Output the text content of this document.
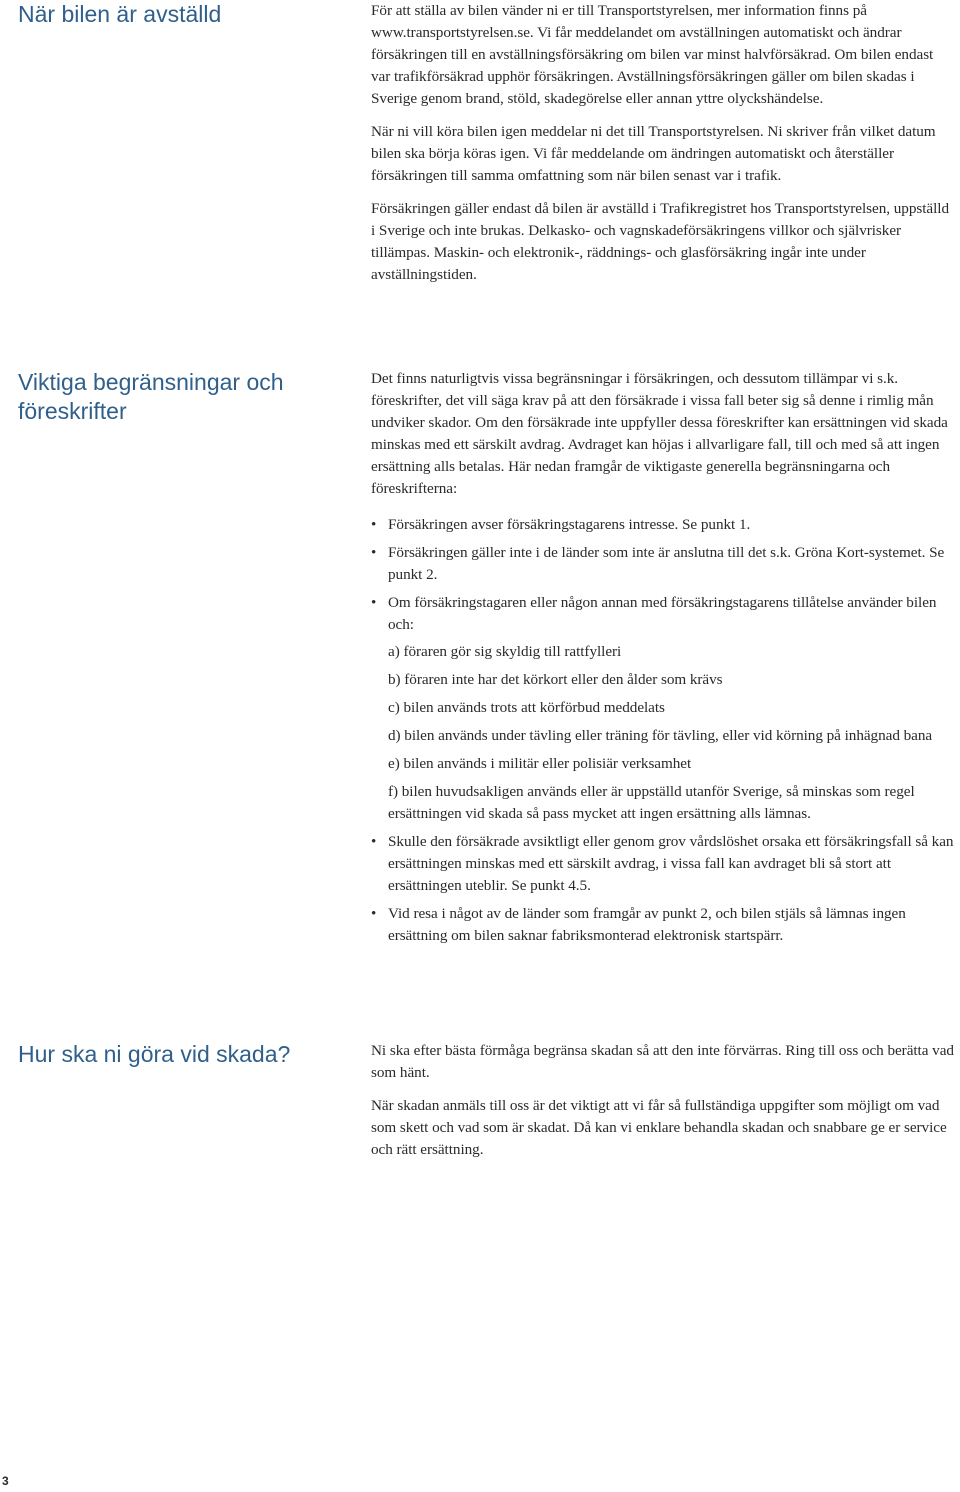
När bilen är avställd	För att ställa av bilen vänder ni er till Transportstyrelsen, mer information finns på www.transportstyrelsen.se. Vi får meddelandet om avställningen automatiskt och ändrar försäkringen till en avställningsförsäkring om bilen var minst halvförsäkrad. Om bilen endast var trafikförsäkrad upphör försäkringen. Avställningsförsäkringen gäller om bilen skadas i Sverige genom brand, stöld, skadegörelse eller annan yttre olyckshändelse.

När ni vill köra bilen igen meddelar ni det till Transportstyrelsen. Ni skriver från vilket datum bilen ska börja köras igen. Vi får meddelande om ändringen automatiskt och återställer försäkringen till samma omfattning som när bilen senast var i trafik.

Försäkringen gäller endast då bilen är avställd i Trafikregistret hos Transportstyrelsen, uppställd i Sverige och inte brukas. Delkasko- och vagnskadeförsäkringens villkor och självrisker tillämpas. Maskin- och elektronik-, räddnings- och glasförsäkring ingår inte under avställningstiden.

Viktiga begränsningar och föreskrifter

Det finns naturligtvis vissa begränsningar i försäkringen, och dessutom tillämpar vi s.k. föreskrifter, det vill säga krav på att den försäkrade i vissa fall beter sig så denne i rimlig mån undviker skador. Om den försäkrade inte uppfyller dessa föreskrifter kan ersättningen vid skada minskas med ett särskilt avdrag. Avdraget kan höjas i allvarligare fall, till och med så att ingen ersättning alls betalas. Här nedan framgår de viktigaste generella begränsningarna och föreskrifterna:

• Försäkringen avser försäkringstagarens intresse. Se punkt 1.
• Försäkringen gäller inte i de länder som inte är anslutna till det s.k. Gröna Kort-systemet. Se punkt 2.
• Om försäkringstagaren eller någon annan med försäkringstagarens tillåtelse använder bilen och:
a) föraren gör sig skyldig till rattfylleri
b) föraren inte har det körkort eller den ålder som krävs
c) bilen används trots att körförbud meddelats
d) bilen används under tävling eller träning för tävling, eller vid körning på inhägnad bana
e) bilen används i militär eller polisiär verksamhet
f) bilen huvudsakligen används eller är uppställd utanför Sverige, så minskas som regel ersättningen vid skada så pass mycket att ingen ersättning alls lämnas.
• Skulle den försäkrade avsiktligt eller genom grov vårdslöshet orsaka ett försäkringsfall så kan ersättningen minskas med ett särskilt avdrag, i vissa fall kan avdraget bli så stort att ersättningen uteblir. Se punkt 4.5.
• Vid resa i något av de länder som framgår av punkt 2, och bilen stjäls så lämnas ingen ersättning om bilen saknar fabriksmonterad elektronisk startspärr.
Hur ska ni göra vid skada?	Ni ska efter bästa förmåga begränsa skadan så att den inte förvärras. Ring till oss och berätta vad som hänt.

När skadan anmäls till oss är det viktigt att vi får så fullständiga uppgifter som möjligt om vad som skett och vad som är skadat. Då kan vi enklare behandla skadan och snabbare ge er service och rätt ersättning.

3
